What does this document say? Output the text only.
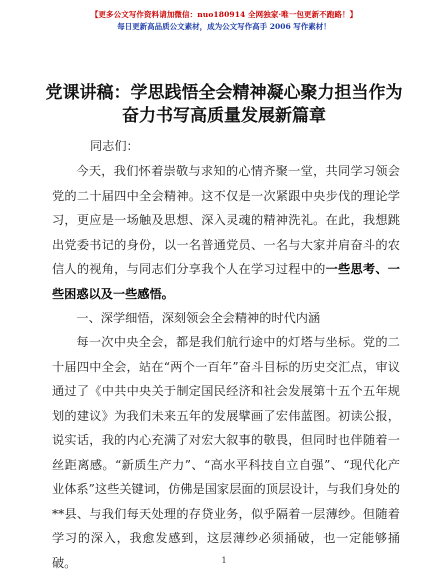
【更多公文写作资料请加微信：nuo180914 全网独家·唯一包更新不跑路！】
每日更新高品质公文素材，成为公文写作高手 2006 写作素材！
党课讲稿：学思践悟全会精神凝心聚力担当作为奋力书写高质量发展新篇章
同志们：
今天，我们怀着崇敬与求知的心情齐聚一堂，共同学习领会党的二十届四中全会精神。这不仅是一次紧跟中央步伐的理论学习，更应是一场触及思想、深入灵魂的精神洗礼。在此，我想跳出党委书记的身份，以一名普通党员、一名与大家并肩奋斗的农信人的视角，与同志们分享我个人在学习过程中的一些思考、一些困惑以及一些感悟。
一、深学细悟，深刻领会全会精神的时代内涵
每一次中央全会，都是我们航行途中的灯塔与坐标。党的二十届四中全会，站在“两个一百年”奋斗目标的历史交汇点，审议通过了《中共中央关于制定国民经济和社会发展第十五个五年规划的建议》为我们未来五年的发展擘画了宏伟蓝图。初读公报，说实话，我的内心充满了对宏大叙事的敬畏，但同时也伴随着一丝距离感。“新质生产力”、“高水平科技自立自强”、“现代化产业体系”这些关键词，仿佛是国家层面的顶层设计，与我们身处的**县、与我们每天处理的存贷业务，似乎隔着一层薄纱。但随着学习的深入，我愈发感到，这层薄纱必须捅破，也一定能够捅破。	1
